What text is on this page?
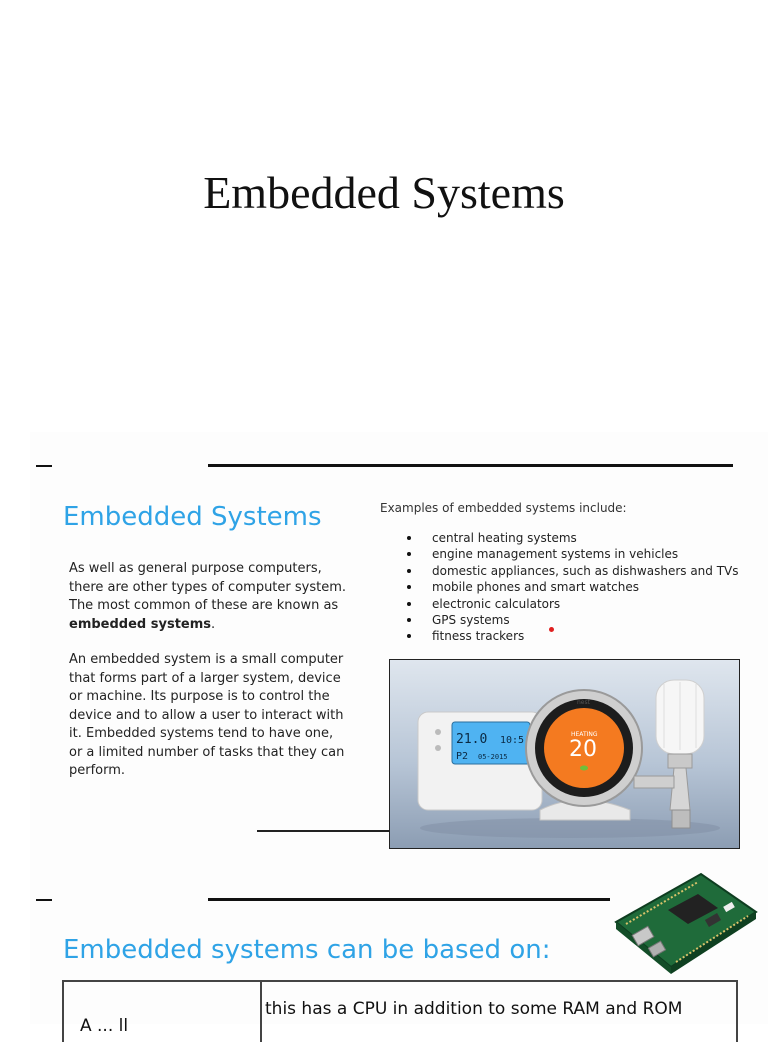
Embedded Systems
Embedded Systems
As well as general purpose computers, there are other types of computer system. The most common of these are known as embedded systems.
An embedded system is a small computer that forms part of a larger system, device or machine. Its purpose is to control the device and to allow a user to interact with it. Embedded systems tend to have one, or a limited number of tasks that they can perform.
Examples of embedded systems include:
central heating systems
engine management systems in vehicles
domestic appliances, such as dishwashers and TVs
mobile phones and smart watches
electronic calculators
GPS systems
fitness trackers
21.0 10:5
P2 05-2015
nest
HEATING
20
Embedded systems can be based on:
A ... ll
this has a CPU in addition to some RAM and ROM
